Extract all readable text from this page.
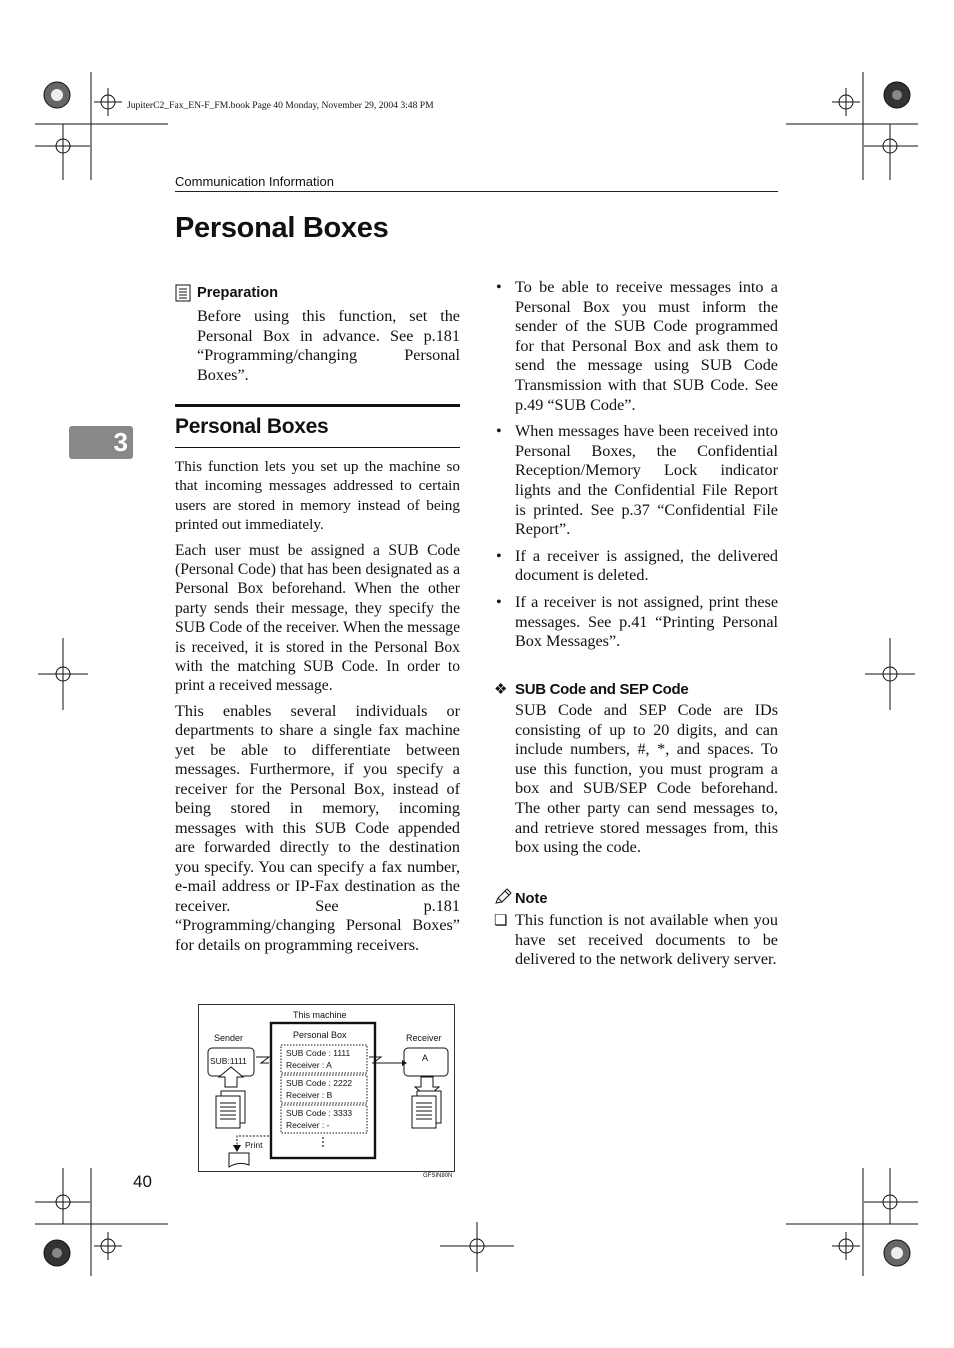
JupiterC2_Fax_EN-F_FM.book Page 40 Monday, November 29, 2004 3:48 PM
Communication Information
Personal Boxes
3
Preparation
Before using this function, set the Personal Box in advance. See p.181 “Programming/changing Personal Boxes”.
Personal Boxes

This function lets you set up the machine so that incoming messages addressed to certain users are stored in memory instead of being printed out immediately.

Each user must be assigned a SUB Code (Personal Code) that has been designated as a Personal Box beforehand. When the other party sends their message, they specify the SUB Code of the receiver. When the message is received, it is stored in the Personal Box with the matching SUB Code. In order to print a received message.

This enables several individuals or departments to share a single fax machine yet be able to differentiate between messages. Furthermore, if you specify a receiver for the Personal Box, instead of being stored in memory, incoming messages with this SUB Code appended are forwarded directly to the destination you specify. You can specify a fax number, e-mail address or IP-Fax destination as the receiver. See p.181 “Programming/changing Personal Boxes” for details on programming receivers.

This machine
Personal Box
Sender	Receiver
SUB:1111	A
Print
SUB Code : 1111
Receiver : A
SUB Code : 2222
Receiver : B
SUB Code : 3333
Receiver : -
GFSIN80N
40
• To be able to receive messages into a Personal Box you must inform the sender of the SUB Code programmed for that Personal Box and ask them to send the message using SUB Code Transmission with that SUB Code. See p.49 “SUB Code”.
• When messages have been received into Personal Boxes, the Confidential Reception/Memory Lock indicator lights and the Confidential File Report is printed. See p.37 “Confidential File Report”.
• If a receiver is assigned, the delivered document is deleted.
• If a receiver is not assigned, print these messages. See p.41 “Printing Personal Box Messages”.
❖ SUB Code and SEP Code
SUB Code and SEP Code are IDs consisting of up to 20 digits, and can include numbers, #, *, and spaces. To use this function, you must program a box and SUB/SEP Code beforehand. The other party can send messages to, and retrieve stored messages from, this box using the code.
Note
❏ This function is not available when you have set received documents to be delivered to the network delivery server.
